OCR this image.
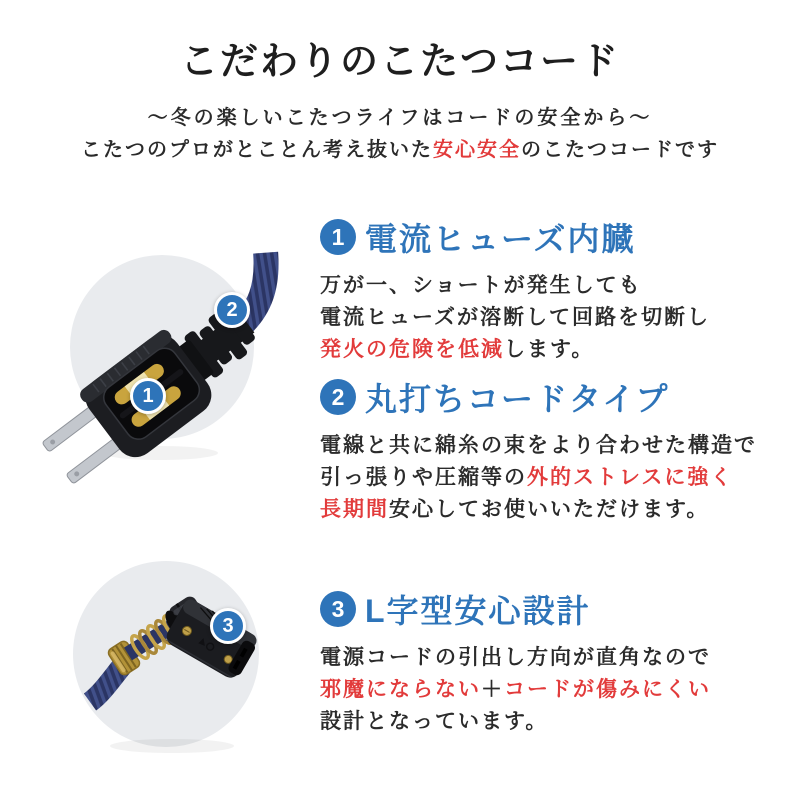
こだわりのこたつコード

～冬の楽しいこたつライフはコードの安全から～

こたつのプロがとことん考え抜いた安心安全のこたつコードです

1
2
3
1 電流ヒューズ内臓

万が一、ショートが発生しても
電流ヒューズが溶断して回路を切断し
発火の危険を低減します。

2 丸打ちコードタイプ

電線と共に綿糸の束をより合わせた構造で
引っ張りや圧縮等の外的ストレスに強く
長期間安心してお使いいただけます。

3 L字型安心設計

電源コードの引出し方向が直角なので
邪魔にならない＋コードが傷みにくい
設計となっています。
